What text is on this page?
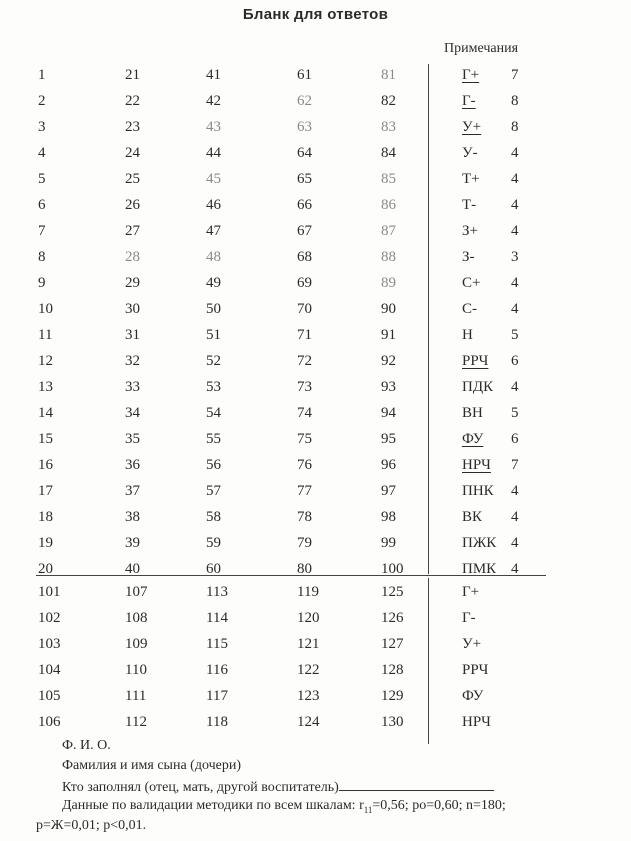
Бланк для ответов
Примечания
1	21	41	61	81	Г+ 7
2	22	42	62	82	Г- 8
3	23	43	63	83	У+ 8
4	24	44	64	84	У- 4
5	25	45	65	85	Т+ 4
6	26	46	66	86	Т- 4
7	27	47	67	87	З+ 4
8	28	48	68	88	З- 3
9	29	49	69	89	С+ 4
10	30	50	70	90	С- 4
11	31	51	71	91	Н	5
12	32	52	72	92	РРЧ 6
13	33	53	73	93	ПДК 4
14	34	54	74	94	ВН 5
15	35	55	75	95	ФУ 6
16	36	56	76	96	НРЧ 7
17	37	57	77	97	ПНК 4
18	38	58	78	98	ВК 4
19	39	59	79	99	ПЖК 4
20	40	60	80	100	ПМК 4
101	107	113	119	125	Г+
102	108	114	120	126	Г-
103	109	115	121	127	У+
104	110	116	122	128	РРЧ
105	111	117	123	129	ФУ
106	112	118	124	130	НРЧ
Ф. И. О.
Фамилия и имя сына (дочери)
Кто заполнял (отец, мать, другой воспитатель)
Данные по валидации методики по всем шкалам: $r_{11}=0,56$; ро=0,60; n=180;
р=Ж=0,01; р<0,01.
